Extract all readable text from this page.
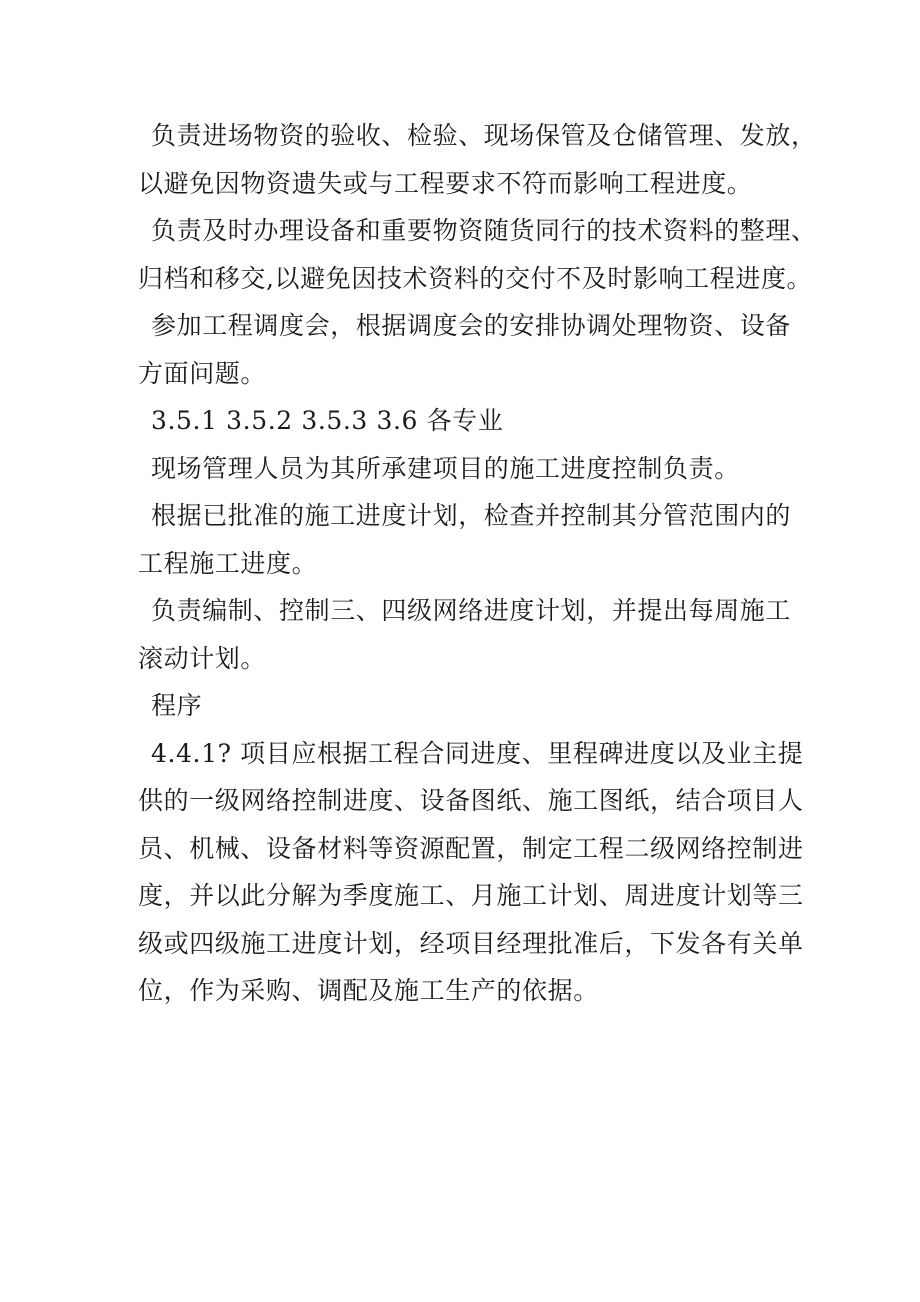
负责进场物资的验收、检验、现场保管及仓储管理、发放，
以避免因物资遗失或与工程要求不符而影响工程进度。
负责及时办理设备和重要物资随货同行的技术资料的整理、
归档和移交,以避免因技术资料的交付不及时影响工程进度。
参加工程调度会，根据调度会的安排协调处理物资、设备
方面问题。
3.5.1 3.5.2 3.5.3 3.6 各专业
现场管理人员为其所承建项目的施工进度控制负责。
根据已批准的施工进度计划，检查并控制其分管范围内的
工程施工进度。
负责编制、控制三、四级网络进度计划，并提出每周施工
滚动计划。
程序
4.4.1? 项目应根据工程合同进度、里程碑进度以及业主提
供的一级网络控制进度、设备图纸、施工图纸，结合项目人
员、机械、设备材料等资源配置，制定工程二级网络控制进
度，并以此分解为季度施工、月施工计划、周进度计划等三
级或四级施工进度计划，经项目经理批准后，下发各有关单
位，作为采购、调配及施工生产的依据。
